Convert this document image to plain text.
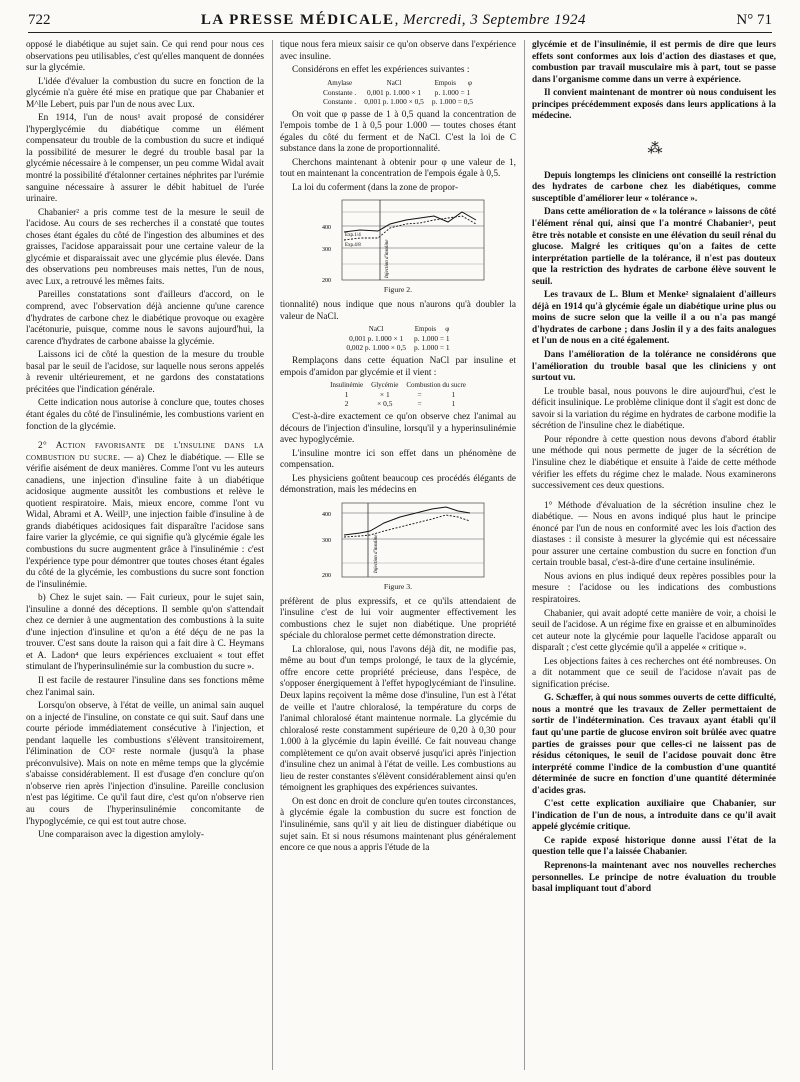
722	LA PRESSE MÉDICALE, Mercredi, 3 Septembre 1924	N° 71

opposé le diabétique au sujet sain. Ce qui rend pour nous ces observations peu utilisables, c'est qu'elles manquent de données sur la glycémie.

L'idée d'évaluer la combustion du sucre en fonction de la glycémie n'a guère été mise en pratique que par Chabanier et M^lle Lebert, puis par l'un de nous avec Lux.

En 1914, l'un de nous¹ avait proposé de considérer l'hyperglycémie du diabétique comme un élément compensateur du trouble de la combustion du sucre et indiqué la possibilité de mesurer le degré du trouble basal par la glycémie nécessaire à le compenser, un peu comme Widal avait montré la possibilité d'étalonner certaines néphrites par l'urémie sanguine nécessaire à assurer le débit habituel de l'urée urinaire.

Chabanier² a pris comme test de la mesure le seuil de l'acidose. Au cours de ses recherches il a constaté que toutes choses étant égales du côté de l'ingestion des albumines et des graisses, l'acidose apparaissait pour une certaine valeur de la glycémie et disparaissait avec une glycémie plus élevée. Dans des observations peu nombreuses mais nettes, l'un de nous, avec Lux, a retrouvé les mêmes faits.

Pareilles constatations sont d'ailleurs d'accord, on le comprend, avec l'observation déjà ancienne qu'une carence d'hydrates de carbone chez le diabétique provoque ou exagère l'acétonurie, puisque, comme nous le savons aujourd'hui, la carence d'hydrates de carbone abaisse la glycémie.

Laissons ici de côté la question de la mesure du trouble basal par le seuil de l'acidose, sur laquelle nous serons appelés à revenir ultérieurement, et ne gardons des constatations précitées que l'indication générale.

Cette indication nous autorise à conclure que, toutes choses étant égales du côté de l'insulinémie, les combustions varient en fonction de la glycémie.

2° Action favorisante de l'insuline dans la combustion du sucre. — a) Chez le diabétique. — Elle se vérifie aisément de deux manières. Comme l'ont vu les auteurs canadiens, une injection d'insuline faite à un diabétique acidosique augmente aussitôt les combustions et relève le quotient respiratoire. Mais, mieux encore, comme l'ont vu Widal, Abrami et A. Weill³, une injection faible d'insuline à de grands diabétiques acidosiques fait disparaître l'acidose sans faire varier la glycémie, ce qui signifie qu'à glycémie égale les combustions du sucre augmentent grâce à l'insulinémie : c'est l'expérience type pour démontrer que toutes choses étant égales du côté de la glycémie, les combustions du sucre sont fonction de l'insulinémie.

b) Chez le sujet sain. — Fait curieux, pour le sujet sain, l'insuline a donné des déceptions. Il semble qu'on s'attendait chez ce dernier à une augmentation des combustions à la suite d'une injection d'insuline et qu'on a été déçu de ne pas la trouver. C'est sans doute la raison qui a fait dire à C. Heymans et A. Ladon⁴ que leurs expériences excluaient « tout effet stimulant de l'hyperinsulinémie sur la combustion du sucre ».

Il est facile de restaurer l'insuline dans ses fonctions même chez l'animal sain.

Lorsqu'on observe, à l'état de veille, un animal sain auquel on a injecté de l'insuline, on constate ce qui suit. Sauf dans une courte période immédiatement consécutive à l'injection, et pendant laquelle les combustions s'élèvent transitoirement, l'élimination de CO² reste normale (jusqu'à la phase préconvulsive). Mais on note en même temps que la glycémie s'abaisse considérablement. Il est d'usage d'en conclure qu'on n'observe rien après l'injection d'insuline. Pareille conclusion n'est pas légitime. Ce qu'il faut dire, c'est qu'on n'observe rien au cours de l'hyperinsulinémie concomitante de l'hypoglycémie, ce qui est tout autre chose.

Une comparaison avec la digestion amyloly-

tique nous fera mieux saisir ce qu'on observe dans l'expérience avec insuline.

Considérons en effet les expériences suivantes :

Amylase	NaCl	Empois	φ
Constante .	0,001 p. 1.000 × 1	p. 1.000 = 1	
Constante .	0,001 p. 1.000 × 0,5	p. 1.000 = 0,5	

On voit que φ passe de 1 à 0,5 quand la concentration de l'empois tombe de 1 à 0,5 pour 1.000 — toutes choses étant égales du côté du ferment et de NaCl. C'est la loi de C substance dans la zone de proportionnalité.

Cherchons maintenant à obtenir pour φ une valeur de 1, tout en maintenant la concentration de l'empois égale à 0,5.

La loi du coferment (dans la zone de propor-

400
300
200
Exp.1/4
Exp.4/8	Injection d'insuline

Figure 2.

tionnalité) nous indique que nous n'aurons qu'à doubler la valeur de NaCl.

NaCl	Empois	φ
0,001 p. 1.000 × 1	p. 1.000 = 1	
0,002 p. 1.000 × 0,5	p. 1.000 = 1	

Remplaçons dans cette équation NaCl par insuline et empois d'amidon par glycémie et il vient :

Insulinémie	Glycémie	Combustion du sucre	
1	× 1	=	1
2	× 0,5	=	1

C'est-à-dire exactement ce qu'on observe chez l'animal au décours de l'injection d'insuline, lorsqu'il y a hyperinsulinémie avec hypoglycémie.

L'insuline montre ici son effet dans un phénomène de compensation.

Les physiciens goûtent beaucoup ces procédés élégants de démonstration, mais les médecins en

400
300
200
Injection d'insuline

Figure 3.

préfèrent de plus expressifs, et ce qu'ils attendaient de l'insuline c'est de lui voir augmenter effectivement les combustions chez le sujet non diabétique. Une propriété spéciale du chloralose permet cette démonstration directe.

La chloralose, qui, nous l'avons déjà dit, ne modifie pas, même au bout d'un temps prolongé, le taux de la glycémie, offre encore cette propriété précieuse, dans l'espèce, de s'opposer énergiquement à l'effet hypoglycémiant de l'insuline. Deux lapins reçoivent la même dose d'insuline, l'un est à l'état de veille et l'autre chloralosé, la température du corps de l'animal chloralosé étant maintenue normale. La glycémie du chloralosé reste constamment supérieure de 0,20 à 0,30 pour 1.000 à la glycémie du lapin éveillé. Ce fait nouveau change complètement ce qu'on avait observé jusqu'ici après l'injection d'insuline chez un animal à l'état de veille. Les combustions au lieu de rester constantes s'élèvent considérablement ainsi qu'en témoignent les graphiques des expériences suivantes.

On est donc en droit de conclure qu'en toutes circonstances, à glycémie égale la combustion du sucre est fonction de l'insulinémie, sans qu'il y ait lieu de distinguer diabétique ou sujet sain. Et si nous résumons maintenant plus généralement encore ce que nous a appris l'étude de la

glycémie et de l'insulinémie, il est permis de dire que leurs effets sont conformes aux lois d'action des diastases et que, combustion par travail musculaire mis à part, tout se passe dans l'organisme comme dans un verre à expérience.

Il convient maintenant de montrer où nous conduisent les principes précédemment exposés dans leurs applications à la médecine.

⁂

Depuis longtemps les cliniciens ont conseillé la restriction des hydrates de carbone chez les diabétiques, comme susceptible d'améliorer leur « tolérance ».

Dans cette amélioration de « la tolérance » laissons de côté l'élément rénal qui, ainsi que l'a montré Chabanier¹, peut être très notable et consiste en une élévation du seuil rénal du glucose. Malgré les critiques qu'on a faites de cette interprétation partielle de la tolérance, il n'est pas douteux que la restriction des hydrates de carbone élève souvent le seuil.

Les travaux de L. Blum et Menke² signalaient d'ailleurs déjà en 1914 qu'à glycémie égale un diabétique urine plus ou moins de sucre selon que la veille il a ou n'a pas mangé d'hydrates de carbone ; dans Joslin il y a des faits analogues et l'un de nous en a cité également.

Dans l'amélioration de la tolérance ne considérons que l'amélioration du trouble basal que les cliniciens y ont surtout vu.

Le trouble basal, nous pouvons le dire aujourd'hui, c'est le déficit insulinique. Le problème clinique dont il s'agit est donc de savoir si la variation du régime en hydrates de carbone modifie la sécrétion de l'insuline chez le diabétique.

Pour répondre à cette question nous devons d'abord établir une méthode qui nous permette de juger de la sécrétion de l'insuline chez le diabétique et ensuite à l'aide de cette méthode vérifier les effets du régime chez le malade. Nous examinerons successivement ces deux questions.

1° Méthode d'évaluation de la sécrétion insuline chez le diabétique. — Nous en avons indiqué plus haut le principe énoncé par l'un de nous en conformité avec les lois d'action des diastases : il consiste à mesurer la glycémie qui est nécessaire pour assurer une certaine combustion du sucre en fonction d'un certain trouble basal, c'est-à-dire d'une certaine insulinémie.

Nous avions en plus indiqué deux repères possibles pour la mesure : l'acidose ou les indications des combustions respiratoires.

Chabanier, qui avait adopté cette manière de voir, a choisi le seuil de l'acidose. A un régime fixe en graisse et en albuminoïdes cet auteur note la glycémie pour laquelle l'acidose apparaît ou disparaît ; c'est cette glycémie qu'il a appelée « critique ».

Les objections faites à ces recherches ont été nombreuses. On a dit notamment que ce seuil de l'acidose n'avait pas de signification précise.

G. Schæffer, à qui nous sommes ouverts de cette difficulté, nous a montré que les travaux de Zeller permettaient de sortir de l'indétermination. Ces travaux ayant établi qu'il faut qu'une partie de glucose environ soit brûlée avec quatre parties de graisses pour que celles-ci ne laissent pas de résidus cétoniques, le seuil de l'acidose pouvait donc être interprété comme l'indice de la combustion d'une quantité déterminée de sucre en fonction d'une quantité déterminée d'acides gras.

C'est cette explication auxiliaire que Chabanier, sur l'indication de l'un de nous, a introduite dans ce qu'il avait appelé glycémie critique.

Ce rapide exposé historique donne aussi l'état de la question telle que l'a laissée Chabanier.

Reprenons-la maintenant avec nos nouvelles recherches personnelles. Le principe de notre évaluation du trouble basal impliquant tout d'abord
